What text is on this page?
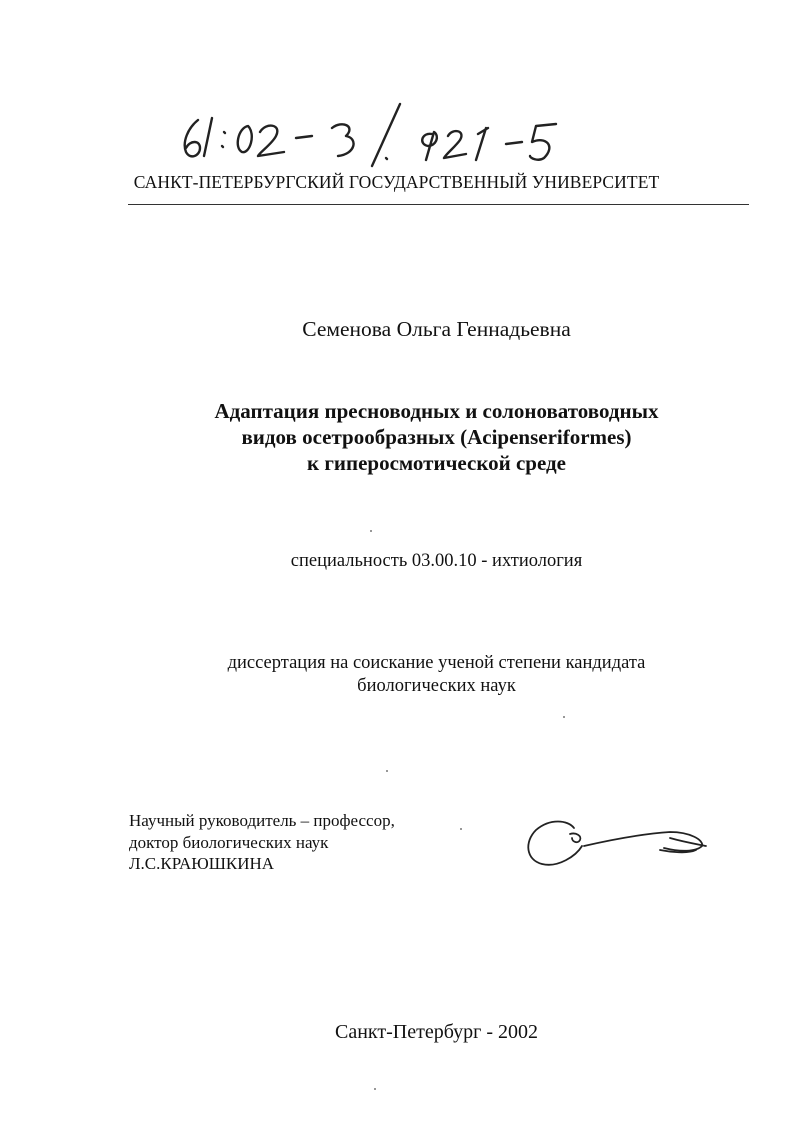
САНКТ-ПЕТЕРБУРГСКИЙ ГОСУДАРСТВЕННЫЙ УНИВЕРСИТЕТ
Семенова Ольга Геннадьевна
Адаптация пресноводных и солоноватоводных
видов осетрообразных (Acipenseriformes)
к гиперосмотической среде
специальность 03.00.10 - ихтиология
диссертация на соискание ученой степени кандидата
биологических наук
Научный руководитель – профессор,
доктор биологических наук
Л.С.КРАЮШКИНА
Санкт-Петербург - 2002
